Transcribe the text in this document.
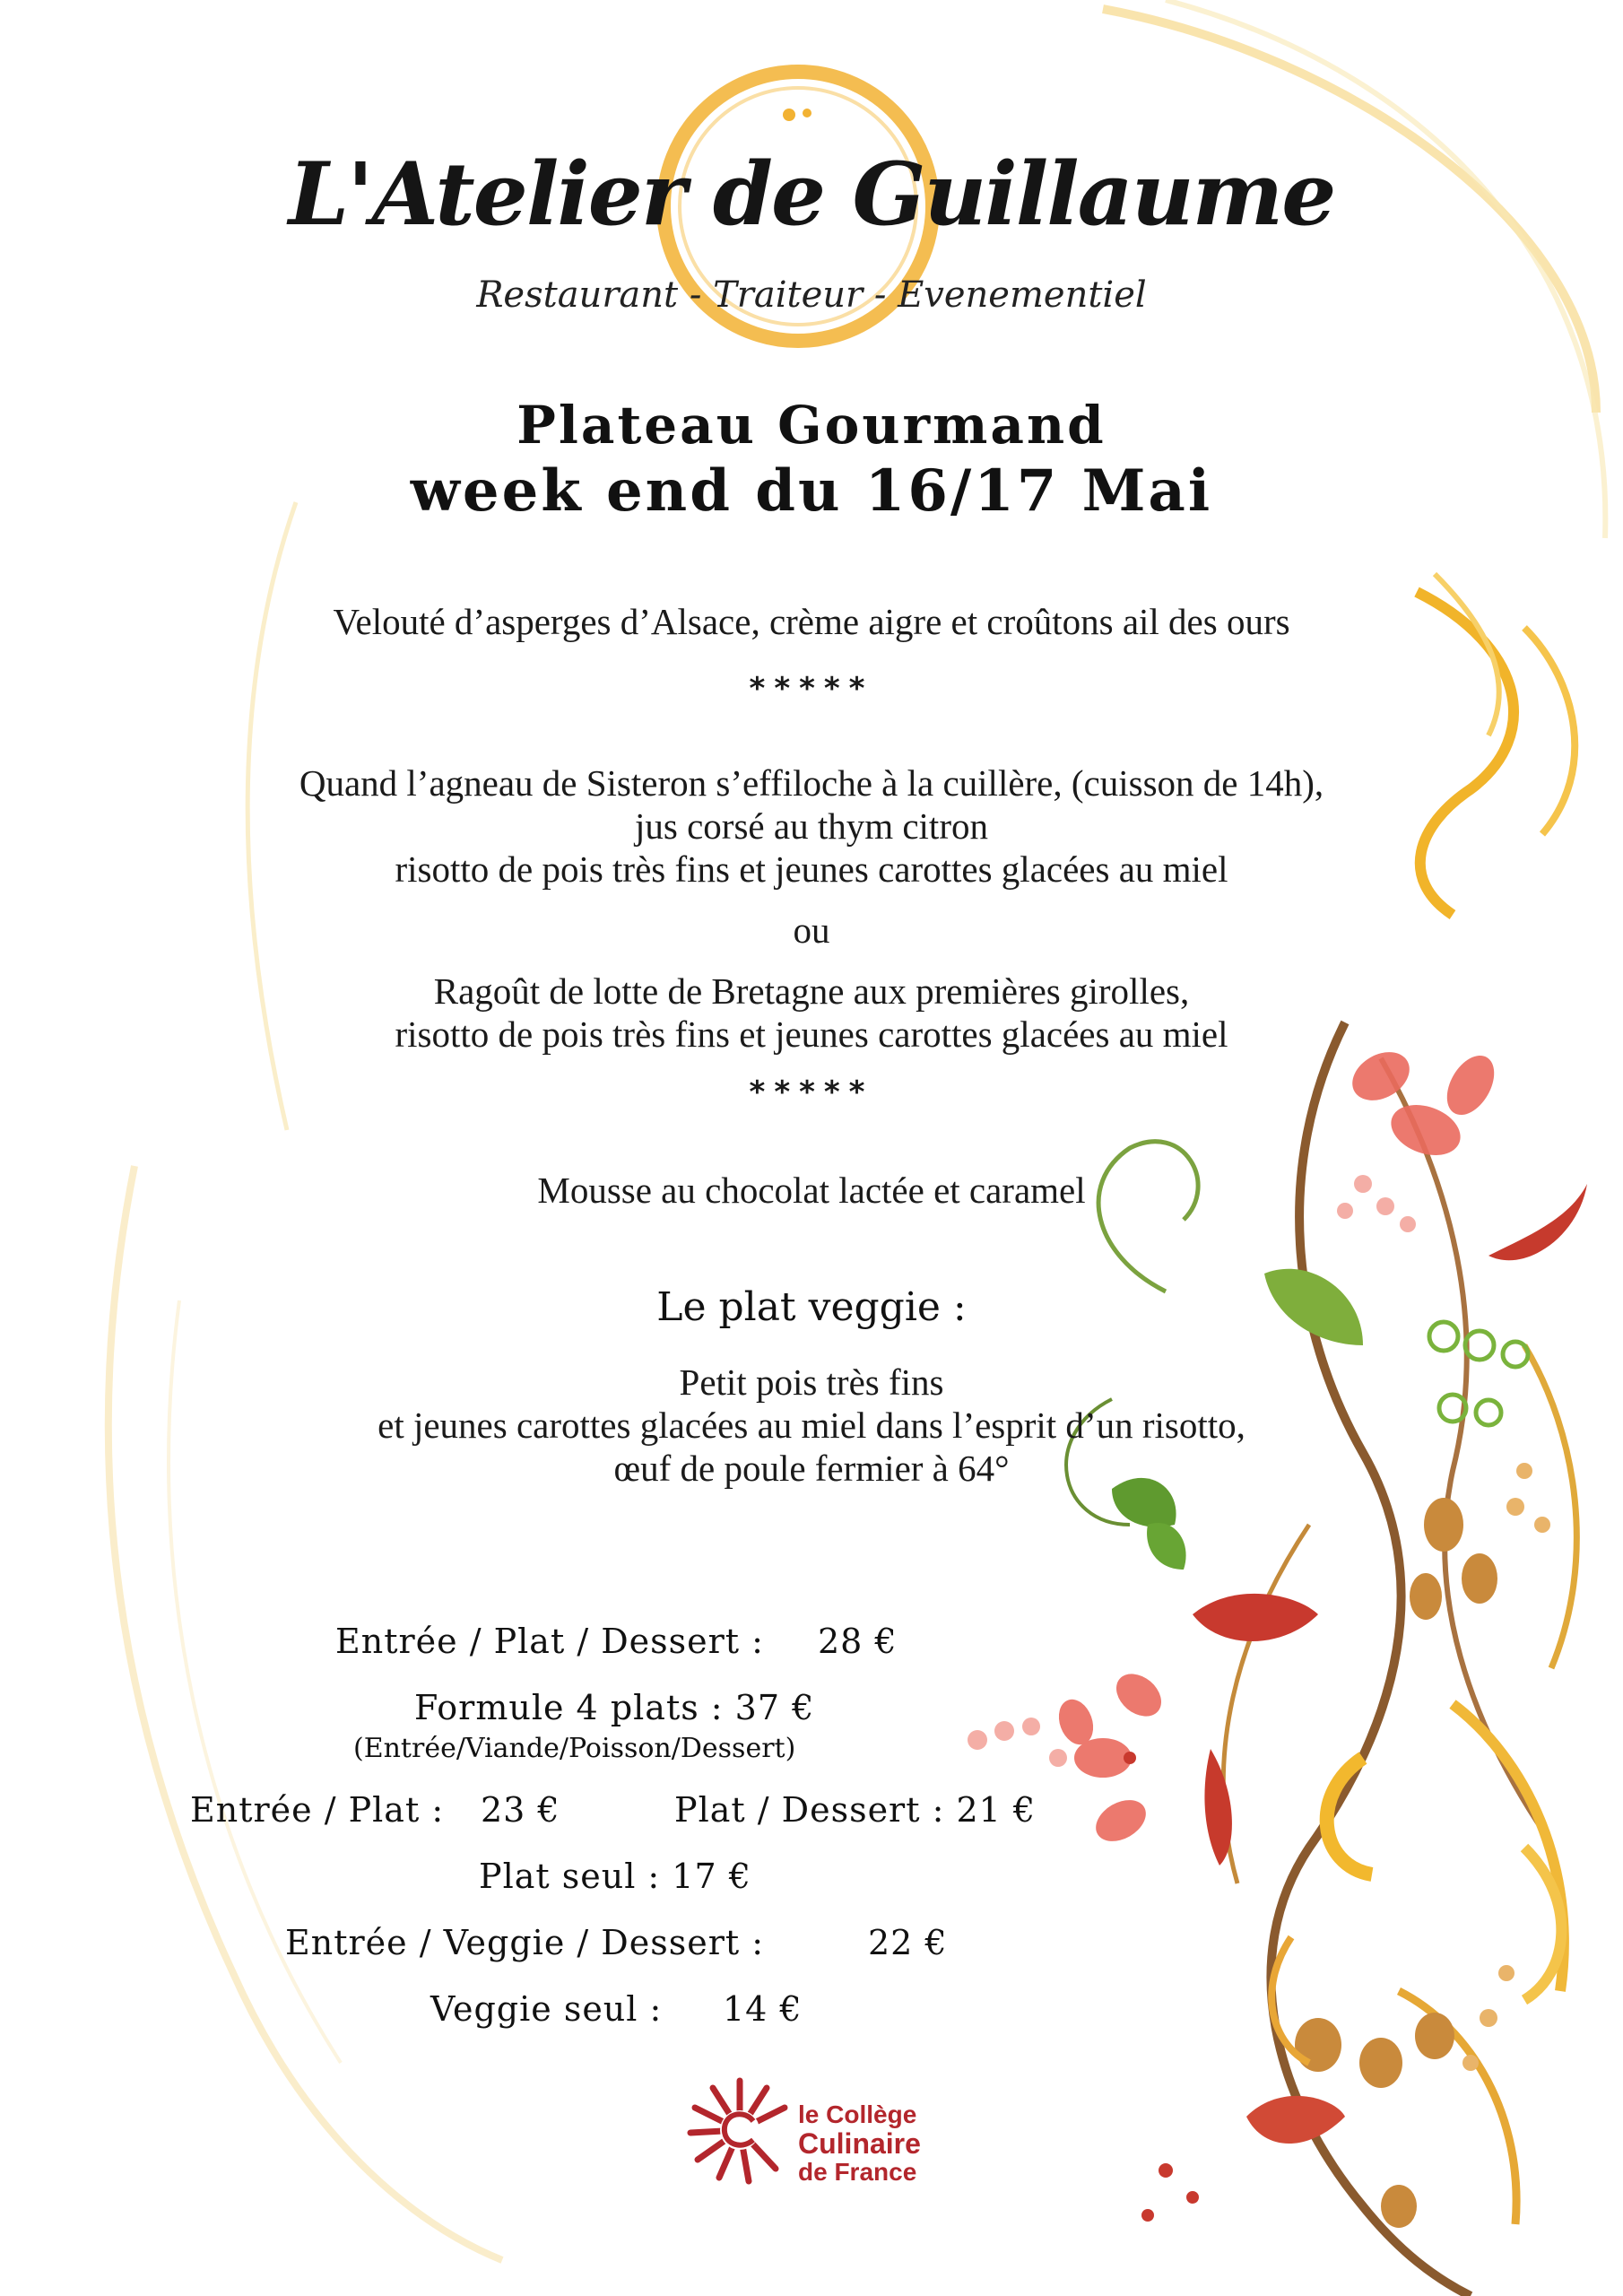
L'Atelier de Guillaume
Restaurant - Traiteur - Evenementiel
Plateau Gourmand
week end du 16/17 Mai
Velouté d’asperges d’Alsace, crème aigre et croûtons ail des ours
*****
Quand l’agneau de Sisteron s’effiloche à la cuillère, (cuisson de 14h),
jus corsé au thym citron
risotto de pois très fins et jeunes carottes glacées au miel
ou
Ragoût de lotte de Bretagne aux premières girolles,
risotto de pois très fins et jeunes carottes glacées au miel
*****
Mousse au chocolat lactée et caramel
Le plat veggie :
Petit pois très fins
et jeunes carottes glacées au miel dans l’esprit d’un risotto,
œuf de poule fermier à 64°
Entrée / Plat / Dessert : 28 €
Formule 4 plats : 37 €
(Entrée/Viande/Poisson/Dessert)
Entrée / Plat : 23 €	Plat / Dessert : 21 €
Plat seul : 17 €
Entrée / Veggie / Dessert :	22 €
Veggie seul : 14 €
le Collège
Culinaire
de France
